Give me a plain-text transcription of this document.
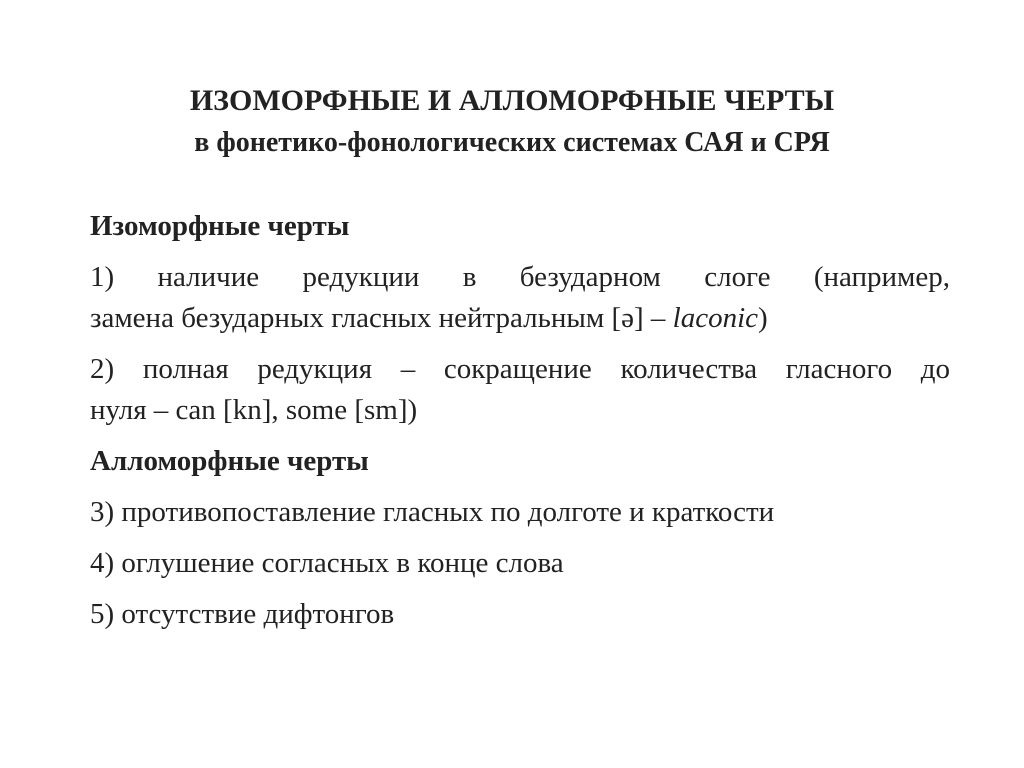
ИЗОМОРФНЫЕ И АЛЛОМОРФНЫЕ ЧЕРТЫ
в фонетико-фонологических системах САЯ и СРЯ
Изоморфные черты
1) наличие редукции в безударном слоге (например,
замена безударных гласных нейтральным [ə] – laconic)
2) полная редукция – сокращение количества гласного до
нуля – can [kn], some [sm])
Алломорфные черты
3) противопоставление гласных по долготе и краткости
4) оглушение согласных в конце слова
5) отсутствие дифтонгов
